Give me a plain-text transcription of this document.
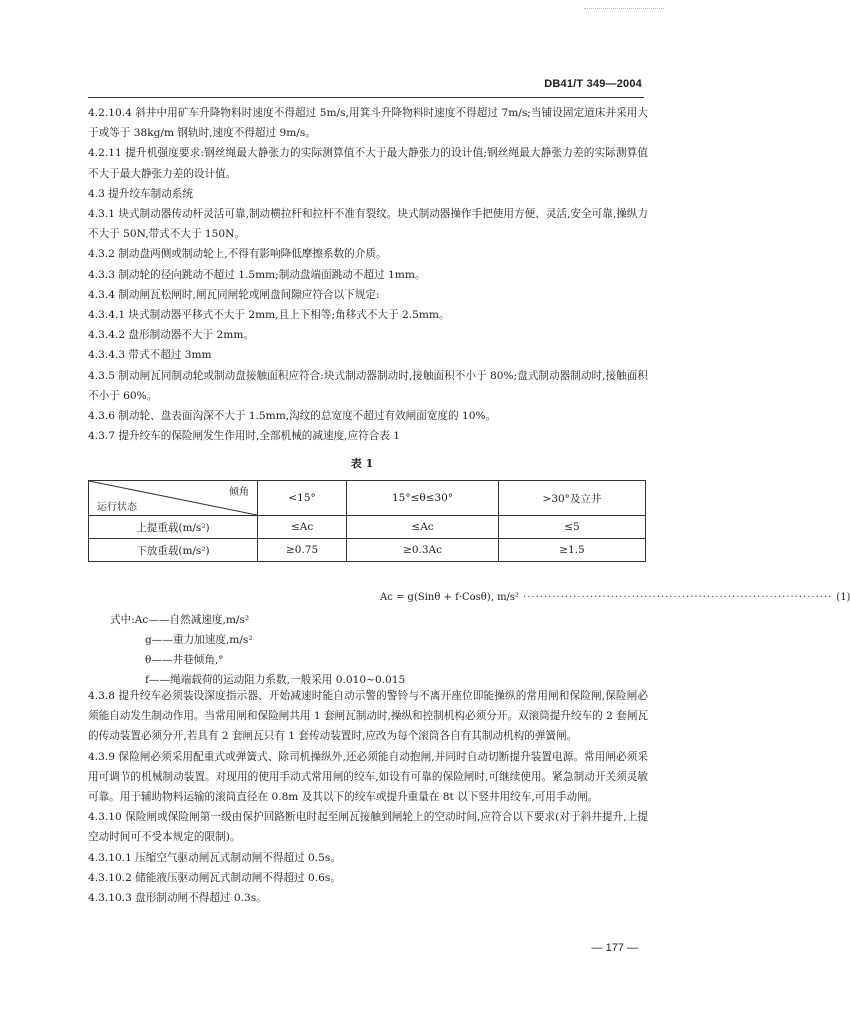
DB41/T 349—2004

4.2.10.4 斜井中用矿车升降物料时速度不得超过 5m/s,用箕斗升降物料时速度不得超过 7m/s;当铺设固定道床并采用大于或等于 38kg/m 钢轨时,速度不得超过 9m/s。

4.2.11 提升机强度要求:钢丝绳最大静张力的实际测算值不大于最大静张力的设计值;钢丝绳最大静张力差的实际测算值不大于最大静张力差的设计值。

4.3 提升绞车制动系统

4.3.1 块式制动器传动杆灵活可靠,制动横拉杆和拉杆不准有裂纹。块式制动器操作手把使用方便、灵活,安全可靠,操纵力不大于 50N,带式不大于 150N。

4.3.2 制动盘两侧或制动轮上,不得有影响降低摩擦系数的介质。

4.3.3 制动轮的径向跳动不超过 1.5mm;制动盘端面跳动不超过 1mm。

4.3.4 制动闸瓦松闸时,闸瓦同闸轮或闸盘间隙应符合以下规定:

4.3.4.1 块式制动器平移式不大于 2mm,且上下相等;角移式不大于 2.5mm。

4.3.4.2 盘形制动器不大于 2mm。

4.3.4.3 带式不超过 3mm

4.3.5 制动闸瓦同制动轮或制动盘接触面积应符合:块式制动器制动时,接触面积不小于 80%;盘式制动器制动时,接触面积不小于 60%。

4.3.6 制动轮、盘表面沟深不大于 1.5mm,沟纹的总宽度不超过有效闸面宽度的 10%。

4.3.7 提升绞车的保险闸发生作用时,全部机械的减速度,应符合表 1

表 1
倾角
运行状态	<15°	15°≤θ≤30°	>30°及立井
上提重载(m/s²)	≤Ac	≤Ac	≤5
下放重载(m/s²)	≥0.75	≥0.3Ac	≥1.5
Ac = g(Sinθ + f·Cosθ), m/s² ·········································································· (1)

式中:Ac——自然减速度,m/s²

g——重力加速度,m/s²

θ——井巷倾角,°

f——绳端载荷的运动阻力系数,一般采用 0.010~0.015

4.3.8 提升绞车必须装设深度指示器、开始减速时能自动示警的警铃与不离开座位即能操纵的常用闸和保险闸,保险闸必须能自动发生制动作用。当常用闸和保险闸共用 1 套闸瓦制动时,操纵和控制机构必须分开。双滚筒提升绞车的 2 套闸瓦的传动装置必须分开,若具有 2 套闸瓦只有 1 套传动装置时,应改为每个滚筒各自有其制动机构的弹簧闸。

4.3.9 保险闸必须采用配重式或弹簧式、除司机操纵外,还必须能自动抱闸,并同时自动切断提升装置电源。常用闸必须采用可调节的机械制动装置。对现用的使用手动式常用闸的绞车,如设有可靠的保险闸时,可继续使用。紧急制动开关须灵敏可靠。用于辅助物料运输的滚筒直径在 0.8m 及其以下的绞车或提升重量在 8t 以下竖井用绞车,可用手动闸。

4.3.10 保险闸或保险闸第一级由保护回路断电时起至闸瓦接触到闸轮上的空动时间,应符合以下要求(对于斜井提升,上提空动时间可不受本规定的限制)。

4.3.10.1 压缩空气驱动闸瓦式制动闸不得超过 0.5s。

4.3.10.2 储能液压驱动闸瓦式制动闸不得超过 0.6s。

4.3.10.3 盘形制动闸不得超过 0.3s。

— 177 —
